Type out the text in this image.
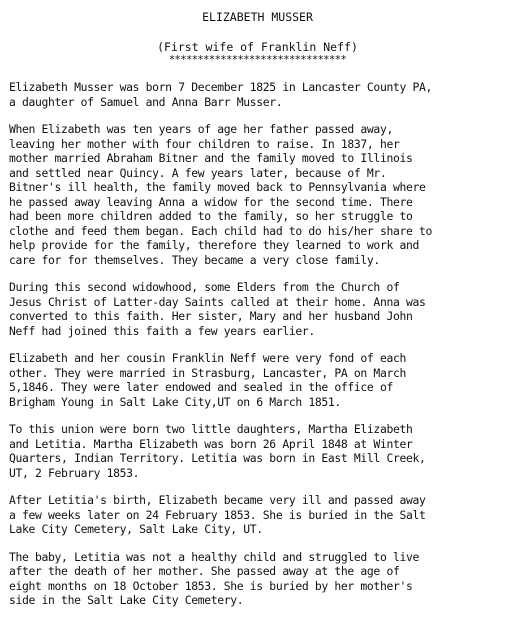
ELIZABETH MUSSER
(First wife of Franklin Neff)
*******************************

Elizabeth Musser was born 7 December 1825 in Lancaster County PA,
a daughter of Samuel and Anna Barr Musser.

When Elizabeth was ten years of age her father passed away,
leaving her mother with four children to raise. In 1837, her
mother married Abraham Bitner and the family moved to Illinois
and settled near Quincy. A few years later, because of Mr.
Bitner's ill health, the family moved back to Pennsylvania where
he passed away leaving Anna a widow for the second time. There
had been more children added to the family, so her struggle to
clothe and feed them began. Each child had to do his/her share to
help provide for the family, therefore they learned to work and
care for for themselves. They became a very close family.

During this second widowhood, some Elders from the Church of
Jesus Christ of Latter-day Saints called at their home. Anna was
converted to this faith. Her sister, Mary and her husband John
Neff had joined this faith a few years earlier.

Elizabeth and her cousin Franklin Neff were very fond of each
other. They were married in Strasburg, Lancaster, PA on March
5,1846. They were later endowed and sealed in the office of
Brigham Young in Salt Lake City,UT on 6 March 1851.

To this union were born two little daughters, Martha Elizabeth
and Letitia. Martha Elizabeth was born 26 April 1848 at Winter
Quarters, Indian Territory. Letitia was born in East Mill Creek,
UT, 2 February 1853.

After Letitia's birth, Elizabeth became very ill and passed away
a few weeks later on 24 February 1853. She is buried in the Salt
Lake City Cemetery, Salt Lake City, UT.

The baby, Letitia was not a healthy child and struggled to live
after the death of her mother. She passed away at the age of
eight months on 18 October 1853. She is buried by her mother's
side in the Salt Lake City Cemetery.
